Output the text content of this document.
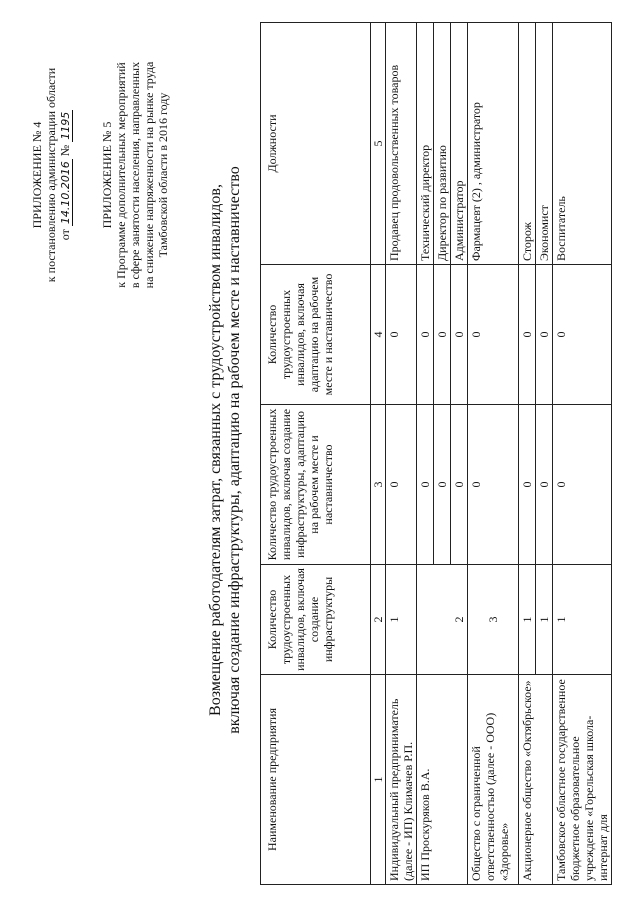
ПРИЛОЖЕНИЕ № 4 к постановлению администрации области от 14.10.2016 № 1195 ПРИЛОЖЕНИЕ № 5 к Программе дополнительных мероприятий в сфере занятости населения, направленных на снижение напряженности на рынке труда Тамбовской области в 2016 году
Возмещение работодателям затрат, связанных с трудоустройством инвалидов, включая создание инфраструктуры, адаптацию на рабочем месте и наставничество
Наименование предприятия	Количество трудоустроенных инвалидов, включая создание инфраструктуры	Количество трудоустроенных инвалидов, включая создание инфраструктуры, адаптацию на рабочем месте и наставничество	Количество трудоустроенных инвалидов, включая адаптацию на рабочем месте и наставничество	Должности
1	2	3	4	5
Индивидуальный предприниматель (далее - ИП) Климачев Р.П.	1	0	0	Продавец продовольственных товаров
ИП Проскуряков В.А.	2	0	0	Технический директор
		0	0	Директор по развитию
		0	0	Администратор
Общество с ограниченной ответственностью (далее - ООО) «Здоровье»	3	0	0	Фармацевт (2) , администратор
Акционерное общество «Октябрьское»	1	0	0	Сторож
	1	0	0	Экономист
Тамбовское областное государственное бюджетное образовательное учреждение «Горельская школа-интернат для	1	0	0	Воспитатель
